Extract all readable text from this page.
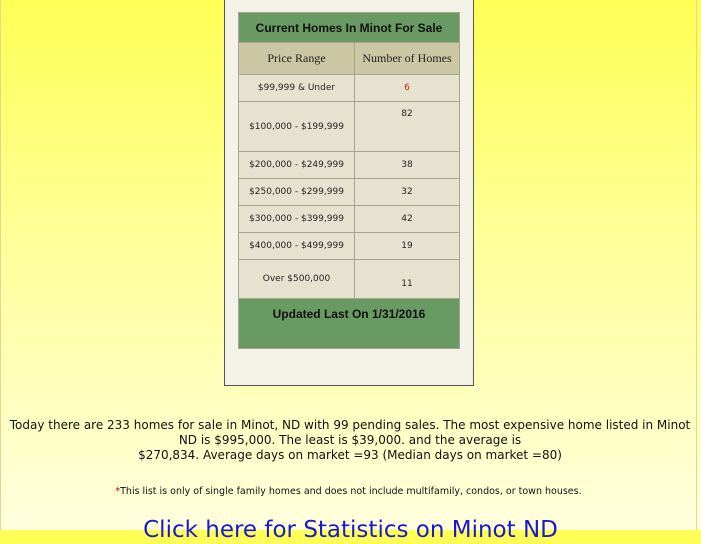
Current Homes In Minot For Sale	
Price Range	Number of Homes
$99,999 & Under	6
$100,000 - $199,999	82
$200,000 - $249,999	38
$250,000 - $299,999	32
$300,000 - $399,999	42
$400,000 - $499,999	19
Over $500,000	11
Updated Last On 1/31/2016	
Today there are 233 homes for sale in Minot, ND with 99 pending sales. The most expensive home listed in Minot ND is $995,000. The least is $39,000. and the average is
$270,834. Average days on market =93 (Median days on market =80)
*This list is only of single family homes and does not include multifamily, condos, or town houses.
Click here for Statistics on Minot ND
